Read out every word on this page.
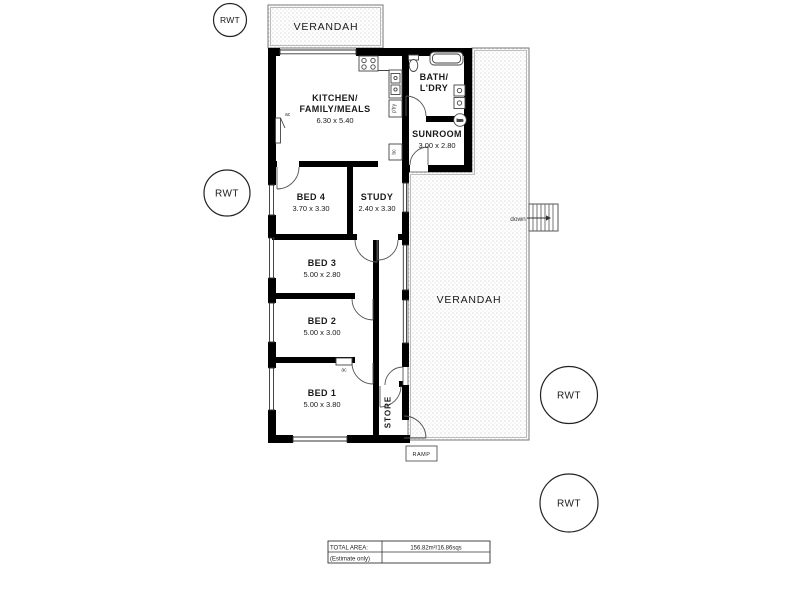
VERANDAH
VERANDAH
down
RAMP
hws
ac
ac
p'try
bc
KITCHEN/
FAMILY/MEALS
6.30 x 5.40
BATH/
L'DRY
SUNROOM
3.00 x 2.80
BED 4
3.70 x 3.30
STUDY
2.40 x 3.30
BED 3
5.00 x 2.80
BED 2
5.00 x 3.00
BED 1
5.00 x 3.80	STORE
RWT
RWT
RWT
RWT
TOTAL AREA:
(Estimate only)
156.82m²/16.86sqs
